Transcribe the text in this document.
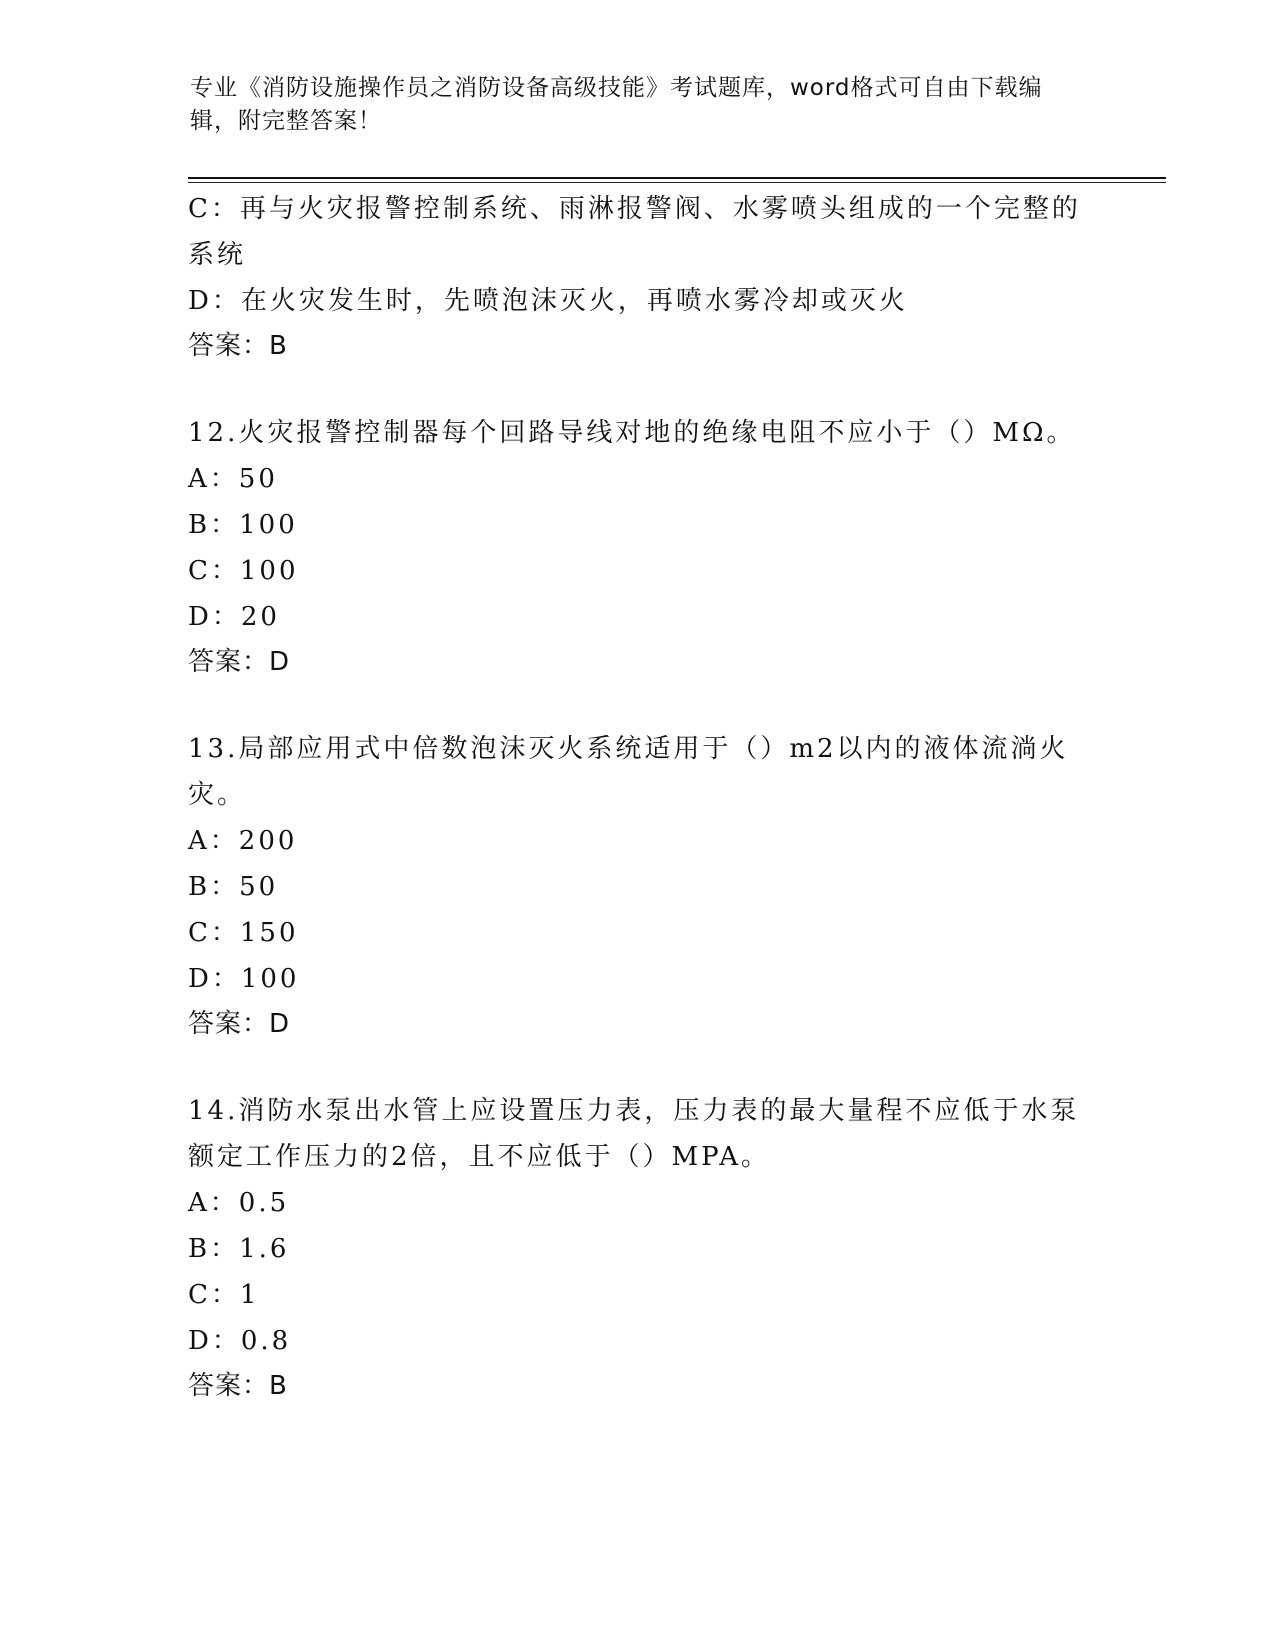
专业《消防设施操作员之消防设备高级技能》考试题库，word格式可自由下载编辑，附完整答案！

C：再与火灾报警控制系统、雨淋报警阀、水雾喷头组成的一个完整的系统

D：在火灾发生时，先喷泡沫灭火，再喷水雾冷却或灭火

答案：B

12.火灾报警控制器每个回路导线对地的绝缘电阻不应小于（）MΩ。

A：50

B：100

C：100

D：20

答案：D

13.局部应用式中倍数泡沫灭火系统适用于（）m2以内的液体流淌火灾。

A：200

B：50

C：150

D：100

答案：D

14.消防水泵出水管上应设置压力表，压力表的最大量程不应低于水泵额定工作压力的2倍，且不应低于（）MPA。

A：0.5

B：1.6

C：1

D：0.8

答案：B
